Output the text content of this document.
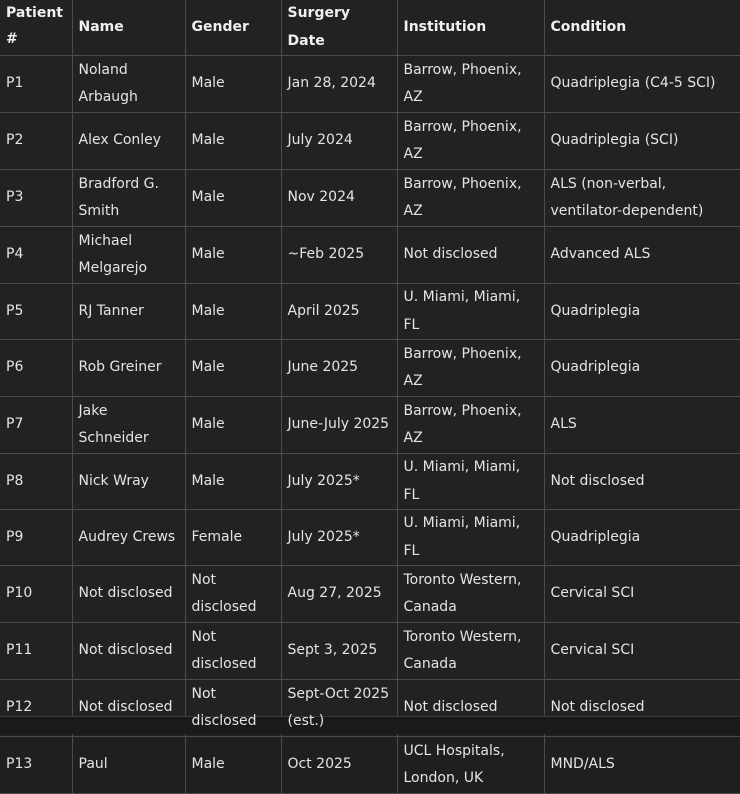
Patient #	Name	Gender	Surgery Date	Institution	Condition
P1	Noland Arbaugh	Male	Jan 28, 2024	Barrow, Phoenix, AZ	Quadriplegia (C4-5 SCI)
P2	Alex Conley	Male	July 2024	Barrow, Phoenix, AZ	Quadriplegia (SCI)
P3	Bradford G. Smith	Male	Nov 2024	Barrow, Phoenix, AZ	ALS (non-verbal, ventilator-dependent)
P4	Michael Melgarejo	Male	~Feb 2025	Not disclosed	Advanced ALS
P5	RJ Tanner	Male	April 2025	U. Miami, Miami, FL	Quadriplegia
P6	Rob Greiner	Male	June 2025	Barrow, Phoenix, AZ	Quadriplegia
P7	Jake Schneider	Male	June-July 2025	Barrow, Phoenix, AZ	ALS
P8	Nick Wray	Male	July 2025*	U. Miami, Miami, FL	Not disclosed
P9	Audrey Crews	Female	July 2025*	U. Miami, Miami, FL	Quadriplegia
P10	Not disclosed	Not disclosed	Aug 27, 2025	Toronto Western, Canada	Cervical SCI
P11	Not disclosed	Not disclosed	Sept 3, 2025	Toronto Western, Canada	Cervical SCI
P12	Not disclosed	Not disclosed	Sept-Oct 2025 (est.)	Not disclosed	Not disclosed
P13	Paul	Male	Oct 2025	UCL Hospitals, London, UK	MND/ALS
